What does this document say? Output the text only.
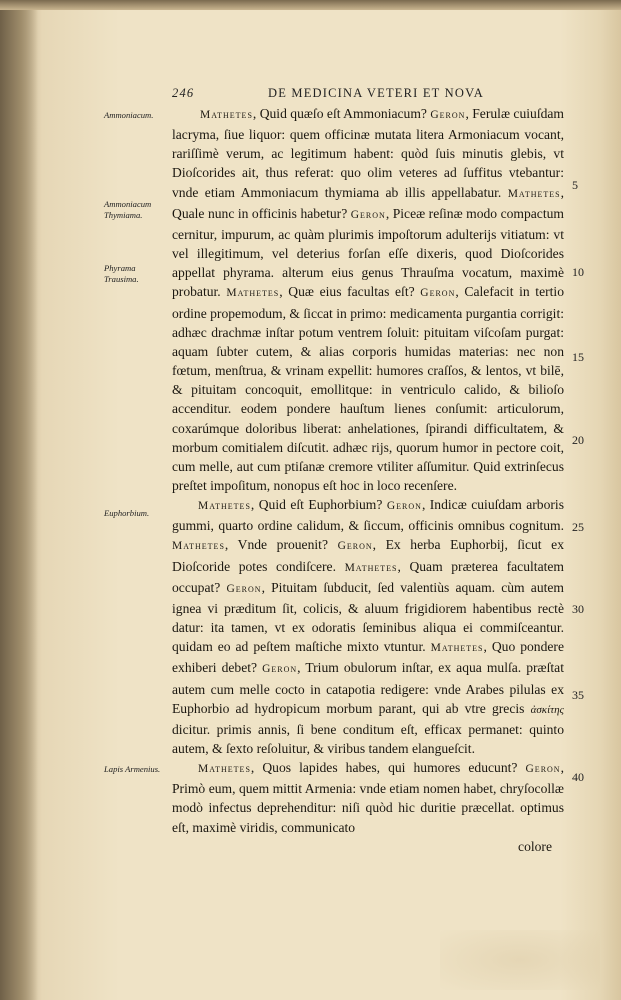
246	DE MEDICINA VETERI ET NOVA
Ammoniacum.
Ammoniacum Thymiama.
Phyrama Trausima.
Euphorbium.
Lapis Armenius.
5
10
15
20
25
30
35
40

Mathetes, Quid quæſo eſt Ammoniacum? Geron, Ferulæ cuiuſdam lacryma, ſiue liquor: quem officinæ mutata litera Armoniacum vocant, rariſſimè verum, ac legitimum habent: quòd ſuis minutis glebis, vt Dioſcorides ait, thus referat: quo olim veteres ad ſuffitus vtebantur: vnde etiam Ammoniacum thymiama ab illis appellabatur. Mathetes, Quale nunc in officinis habetur? Geron, Piceæ reſinæ modo compactum cernitur, impurum, ac quàm plurimis impoſtorum adulterijs vitiatum: vt vel illegitimum, vel deterius forſan eſſe dixeris, quod Dioſcorides appellat phyrama. alterum eius genus Thrauſma vocatum, maximè probatur. Mathetes, Quæ eius facultas eſt? Geron, Calefacit in tertio ordine propemodum, & ſiccat in primo: medicamenta purgantia corrigit: adhæc drachmæ inſtar potum ventrem ſoluit: pituitam viſcoſam purgat: aquam ſubter cutem, & alias corporis humidas materias: nec non fœtum, menſtrua, & vrinam expellit: humores craſſos, & lentos, vt bilē, & pituitam concoquit, emollitque: in ventriculo calido, & bilioſo accenditur. eodem pondere hauſtum lienes conſumit: articulorum, coxarúmque doloribus liberat: anhelationes, ſpirandi difficultatem, & morbum comitialem diſcutit. adhæc rijs, quorum humor in pectore coit, cum melle, aut cum ptiſanæ cremore vtiliter aſſumitur. Quid extrinſecus preſtet impoſitum, nonopus eſt hoc in loco recenſere.

Mathetes, Quid eſt Euphorbium? Geron, Indicæ cuiuſdam arboris gummi, quarto ordine calidum, & ſiccum, officinis omnibus cognitum. Mathetes, Vnde prouenit? Geron, Ex herba Euphorbij, ſicut ex Dioſcoride potes condiſcere. Mathetes, Quam præterea facultatem occupat? Geron, Pituitam ſubducit, ſed valentiùs aquam. cùm autem ignea vi præditum ſit, colicis, & aluum frigidiorem habentibus rectè datur: ita tamen, vt ex odoratis ſeminibus aliqua ei commiſceantur. quidam eo ad peſtem maſtiche mixto vtuntur. Mathetes, Quo pondere exhiberi debet? Geron, Trium obulorum inſtar, ex aqua mulſa. præſtat autem cum melle cocto in catapotia redigere: vnde Arabes pilulas ex Euphorbio ad hydropicum morbum parant, qui ab vtre grecis ἀσκίτης dicitur. primis annis, ſi bene conditum eſt, efficax permanet: quinto autem, & ſexto reſoluitur, & viribus tandem elangueſcit.

Mathetes, Quos lapides habes, qui humores educunt? Geron, Primò eum, quem mittit Armenia: vnde etiam nomen habet, chryſocollæ modò infectus deprehenditur: niſi quòd hic duritie præcellat. optimus eſt, maximè viridis, communicato

colore
